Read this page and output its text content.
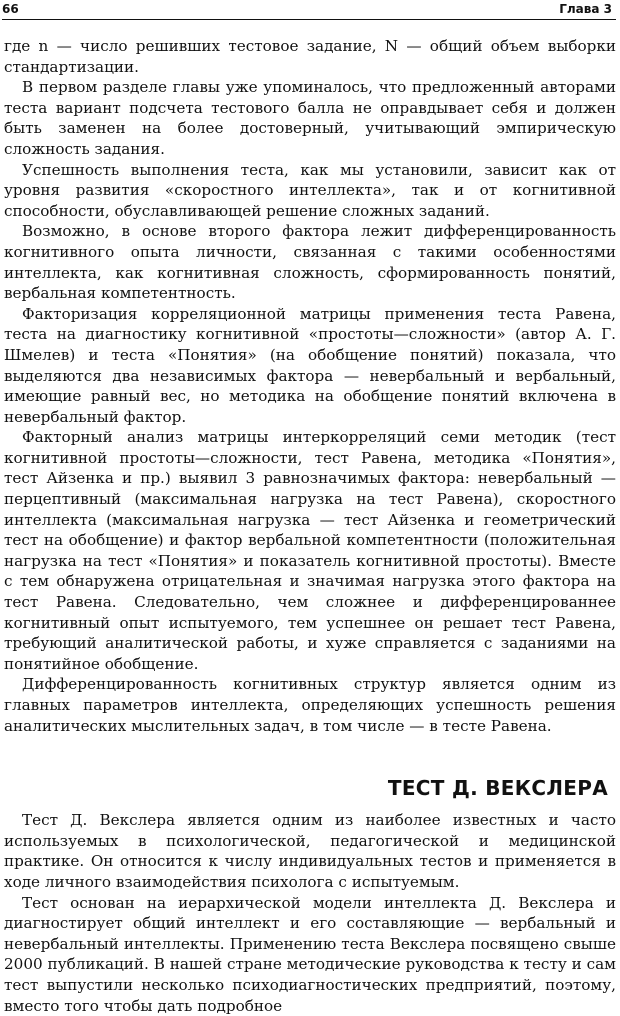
66	Глава 3

где n — число решивших тестовое задание, N — общий объем выборки стандартизации.

В первом разделе главы уже упоминалось, что предложенный авторами теста вариант подсчета тестового балла не оправдывает себя и должен быть заменен на более достоверный, учитывающий эмпирическую сложность задания.

Успешность выполнения теста, как мы установили, зависит как от уровня развития «скоростного интеллекта», так и от когнитивной способности, обуславливающей решение сложных заданий.

Возможно, в основе второго фактора лежит дифференцированность когнитивного опыта личности, связанная с такими особенностями интеллекта, как когнитивная сложность, сформированность понятий, вербальная компетентность.

Факторизация корреляционной матрицы применения теста Равена, теста на диагностику когнитивной «простоты—сложности» (автор А. Г. Шмелев) и теста «Понятия» (на обобщение понятий) показала, что выделяются два независимых фактора — невербальный и вербальный, имеющие равный вес, но методика на обобщение понятий включена в невербальный фактор.

Факторный анализ матрицы интеркорреляций семи методик (тест когнитивной простоты—сложности, тест Равена, методика «Понятия», тест Айзенка и пр.) выявил 3 равнозначимых фактора: невербальный — перцептивный (максимальная нагрузка на тест Равена), скоростного интеллекта (максимальная нагрузка — тест Айзенка и геометрический тест на обобщение) и фактор вербальной компетентности (положительная нагрузка на тест «Понятия» и показатель когнитивной простоты). Вместе с тем обнаружена отрицательная и значимая нагрузка этого фактора на тест Равена. Следовательно, чем сложнее и дифференцированнее когнитивный опыт испытуемого, тем успешнее он решает тест Равена, требующий аналитической работы, и хуже справляется с заданиями на понятийное обобщение.

Дифференцированность когнитивных структур является одним из главных параметров интеллекта, определяющих успешность решения аналитических мыслительных задач, в том числе — в тесте Равена.

ТЕСТ Д. ВЕКСЛЕРА

Тест Д. Векслера является одним из наиболее известных и часто используемых в психологической, педагогической и медицинской практике. Он относится к числу индивидуальных тестов и применяется в ходе личного взаимодействия психолога с испытуемым.

Тест основан на иерархической модели интеллекта Д. Векслера и диагностирует общий интеллект и его составляющие — вербальный и невербальный интеллекты. Применению теста Векслера посвящено свыше 2000 публикаций. В нашей стране методические руководства к тесту и сам тест выпустили несколько психодиагностических предприятий, поэтому, вместо того чтобы дать подробное
